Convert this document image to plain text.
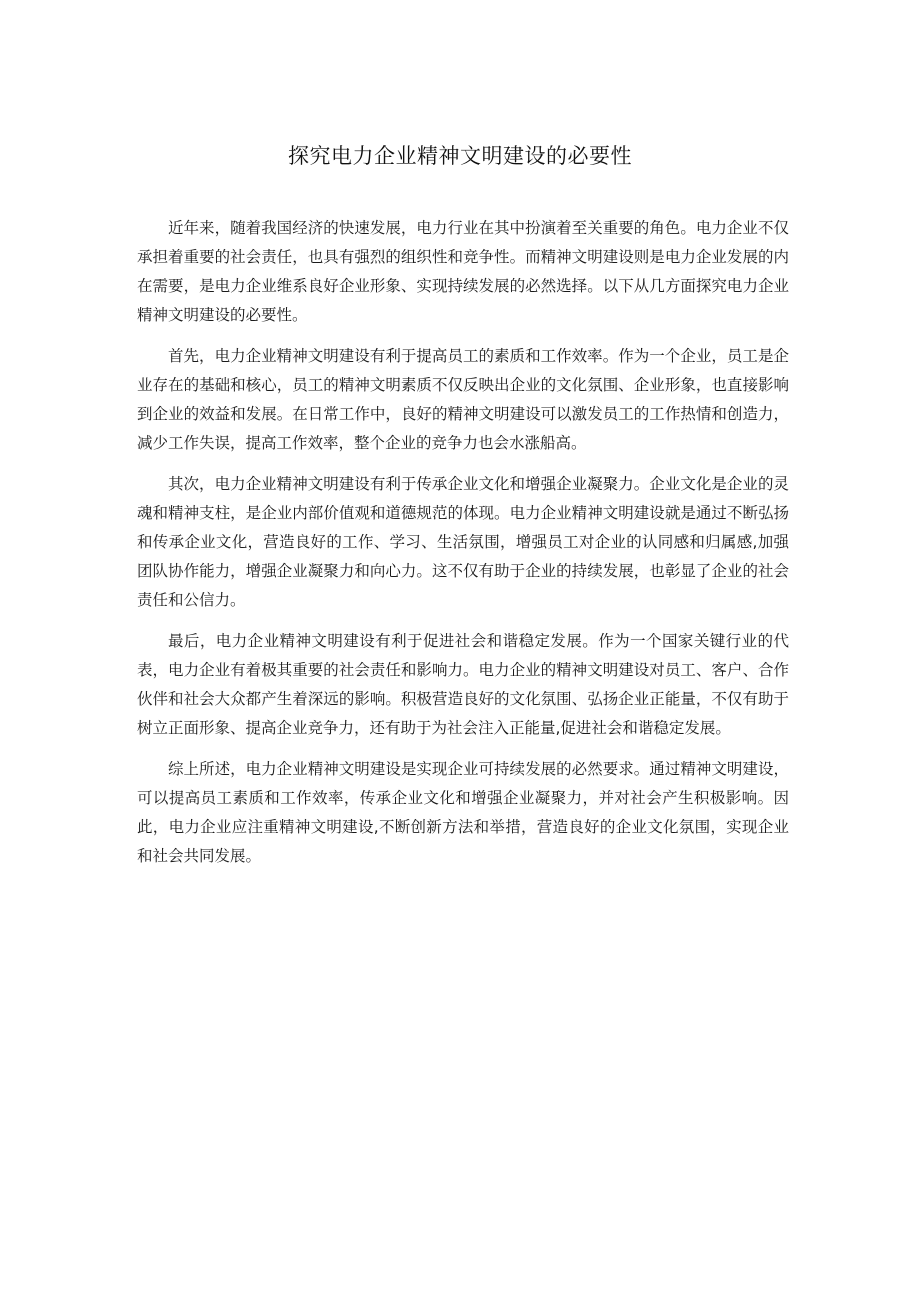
探究电力企业精神文明建设的必要性

近年来，随着我国经济的快速发展，电力行业在其中扮演着至关重要的角色。电力企业不仅承担着重要的社会责任，也具有强烈的组织性和竞争性。而精神文明建设则是电力企业发展的内在需要，是电力企业维系良好企业形象、实现持续发展的必然选择。以下从几方面探究电力企业精神文明建设的必要性。

首先，电力企业精神文明建设有利于提高员工的素质和工作效率。作为一个企业，员工是企业存在的基础和核心，员工的精神文明素质不仅反映出企业的文化氛围、企业形象，也直接影响到企业的效益和发展。在日常工作中，良好的精神文明建设可以激发员工的工作热情和创造力，减少工作失误，提高工作效率，整个企业的竞争力也会水涨船高。

其次，电力企业精神文明建设有利于传承企业文化和增强企业凝聚力。企业文化是企业的灵魂和精神支柱，是企业内部价值观和道德规范的体现。电力企业精神文明建设就是通过不断弘扬和传承企业文化，营造良好的工作、学习、生活氛围，增强员工对企业的认同感和归属感,加强团队协作能力，增强企业凝聚力和向心力。这不仅有助于企业的持续发展，也彰显了企业的社会责任和公信力。

最后，电力企业精神文明建设有利于促进社会和谐稳定发展。作为一个国家关键行业的代表，电力企业有着极其重要的社会责任和影响力。电力企业的精神文明建设对员工、客户、合作伙伴和社会大众都产生着深远的影响。积极营造良好的文化氛围、弘扬企业正能量，不仅有助于树立正面形象、提高企业竞争力，还有助于为社会注入正能量,促进社会和谐稳定发展。

综上所述，电力企业精神文明建设是实现企业可持续发展的必然要求。通过精神文明建设，可以提高员工素质和工作效率，传承企业文化和增强企业凝聚力，并对社会产生积极影响。因此，电力企业应注重精神文明建设,不断创新方法和举措，营造良好的企业文化氛围，实现企业和社会共同发展。
